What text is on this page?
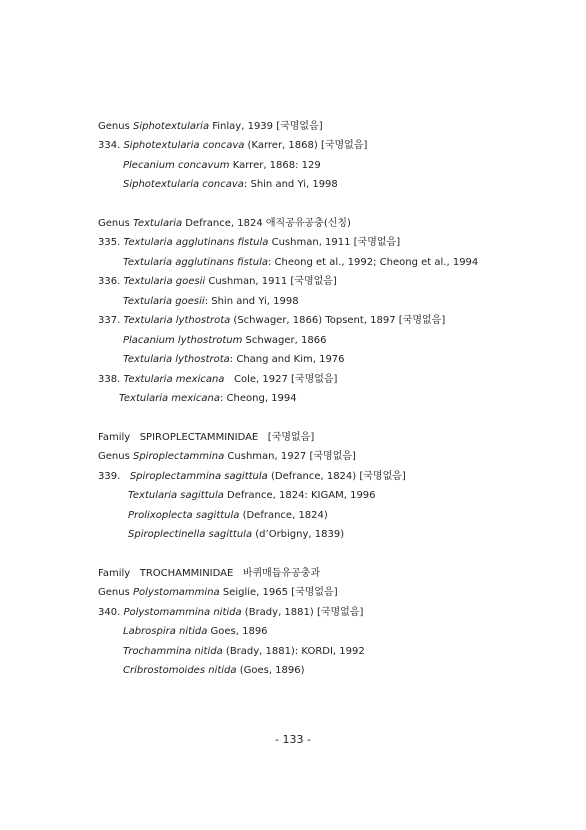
Genus Siphotextularia Finlay, 1939 [국명없음]
334. Siphotextularia concava (Karrer, 1868) [국명없음]
Plecanium concavum Karrer, 1868: 129
Siphotextularia concava: Shin and Yi, 1998
Genus Textularia Defrance, 1824 애직공유공충(신칭)
335. Textularia agglutinans fistula Cushman, 1911 [국명없음]
Textularia agglutinans fistula: Cheong et al., 1992; Cheong et al., 1994
336. Textularia goesii Cushman, 1911 [국명없음]
Textularia goesii: Shin and Yi, 1998
337. Textularia lythostrota (Schwager, 1866) Topsent, 1897 [국명없음]
Placanium lythostrotum Schwager, 1866
Textularia lythostrota: Chang and Kim, 1976
338. Textularia mexicana   Cole, 1927 [국명없음]
Textularia mexicana: Cheong, 1994
Family   SPIROPLECTAMMINIDAE   [국명없음]
Genus Spiroplectammina Cushman, 1927 [국명없음]
339.   Spiroplectammina sagittula (Defrance, 1824) [국명없음]
Textularia sagittula Defrance, 1824: KIGAM, 1996
Prolixoplecta sagittula (Defrance, 1824)
Spiroplectinella sagittula (d’Orbigny, 1839)
Family   TROCHAMMINIDAE   바퀴매듭유공충과
Genus Polystomammina Seiglie, 1965 [국명없음]
340. Polystomammina nitida (Brady, 1881) [국명없음]
Labrospira nitida Goes, 1896
Trochammina nitida (Brady, 1881): KORDI, 1992
Cribrostomoides nitida (Goes, 1896)
- 133 -
